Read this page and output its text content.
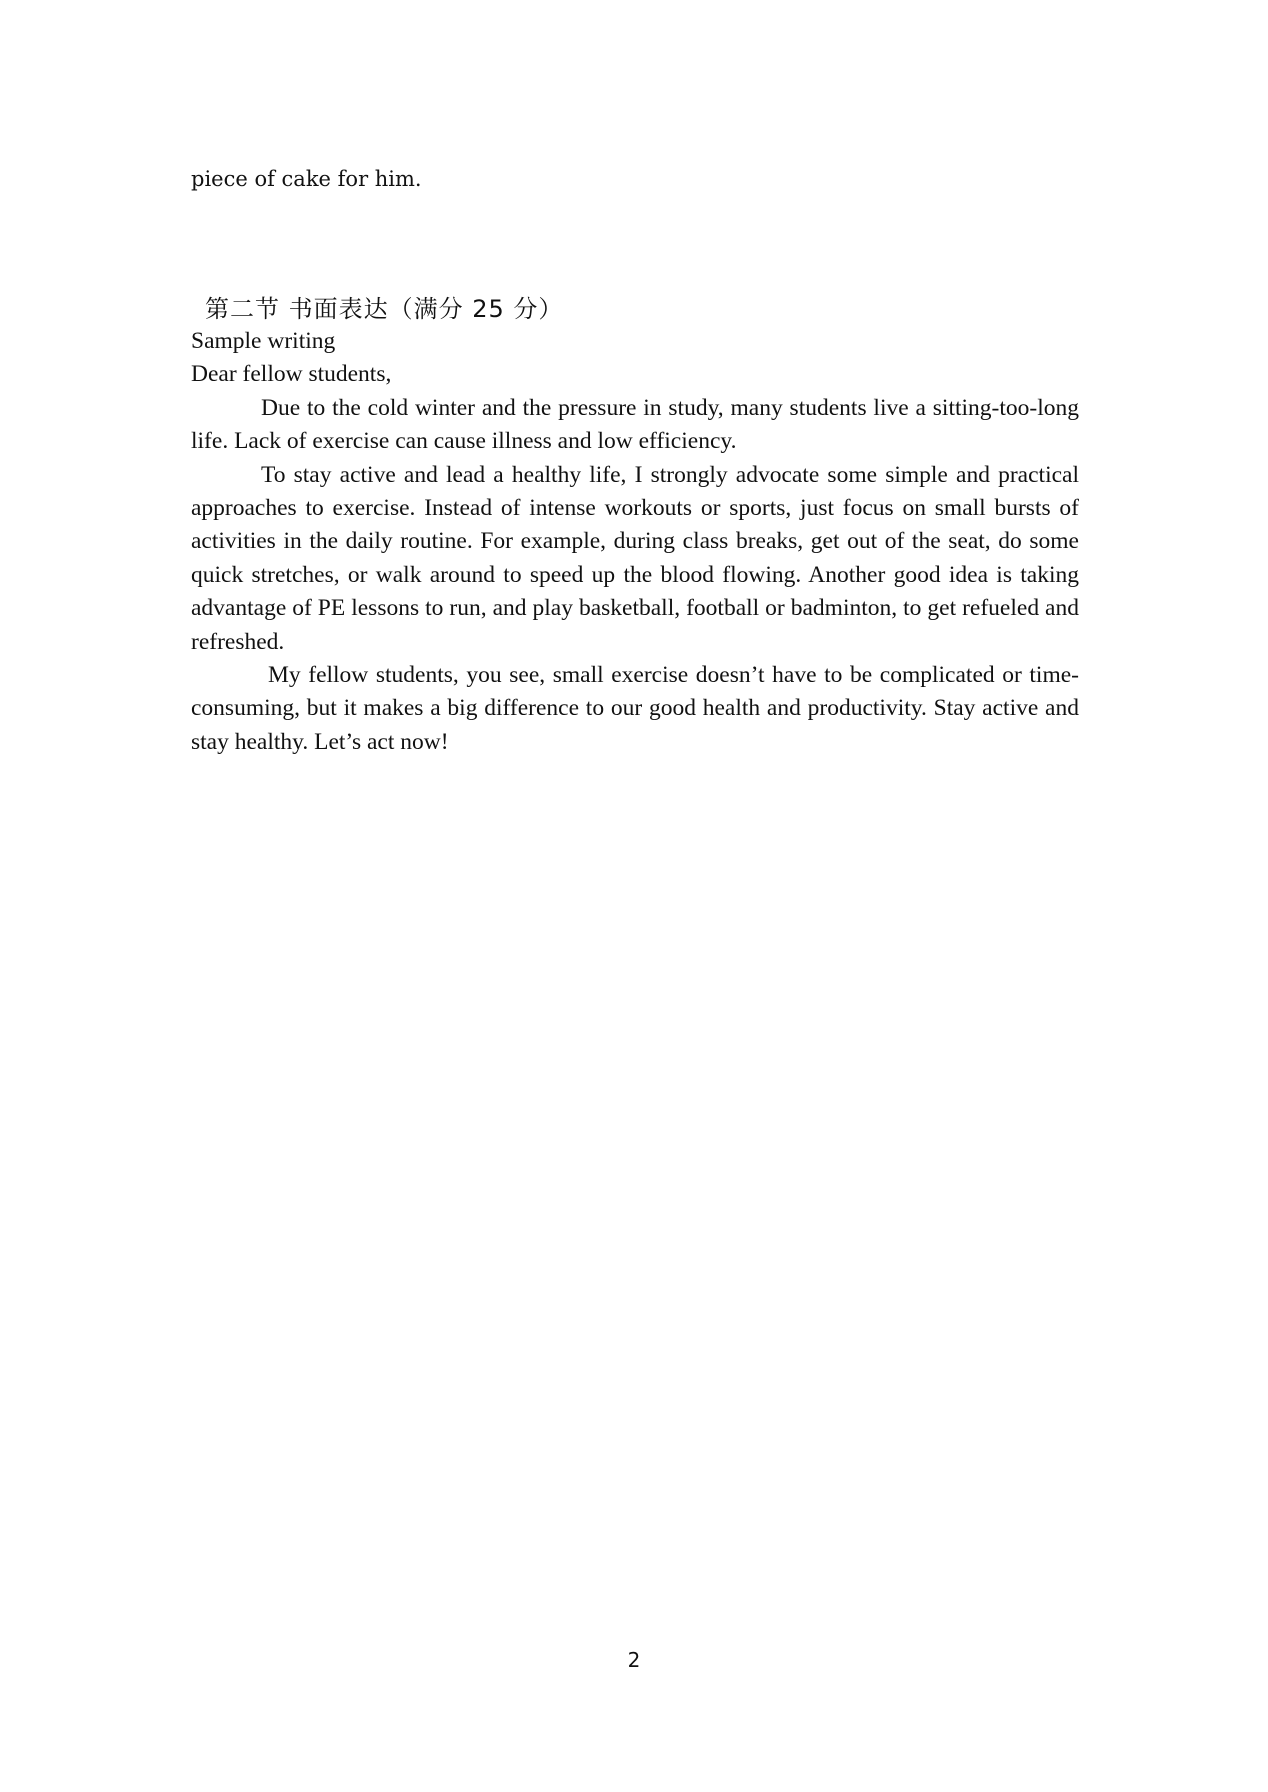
piece of cake for him.
第二节 书面表达（满分 25 分）

Sample writing

Dear fellow students,

Due to the cold winter and the pressure in study, many students live a sitting-too-long life. Lack of exercise can cause illness and low efficiency.

To stay active and lead a healthy life, I strongly advocate some simple and practical approaches to exercise. Instead of intense workouts or sports, just focus on small bursts of activities in the daily routine. For example, during class breaks, get out of the seat, do some quick stretches, or walk around to speed up the blood flowing. Another good idea is taking advantage of PE lessons to run, and play basketball, football or badminton, to get refueled and refreshed.

My fellow students, you see, small exercise doesn’t have to be complicated or time-consuming, but it makes a big difference to our good health and productivity. Stay active and stay healthy. Let’s act now!

2
